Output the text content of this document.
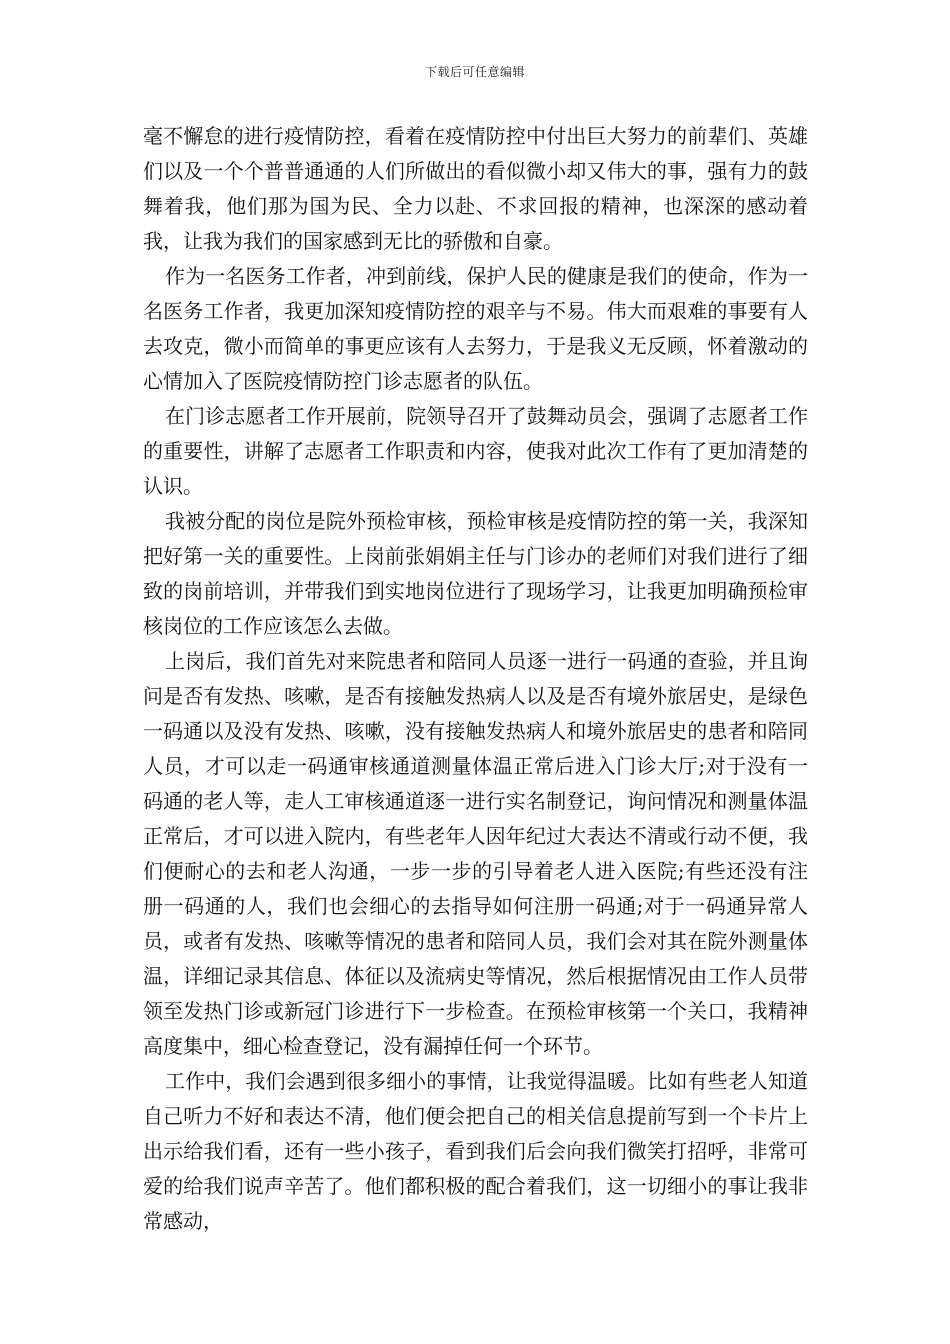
下载后可任意编辑

毫不懈怠的进行疫情防控，看着在疫情防控中付出巨大努力的前辈们、英雄们以及一个个普普通通的人们所做出的看似微小却又伟大的事，强有力的鼓舞着我，他们那为国为民、全力以赴、不求回报的精神，也深深的感动着我，让我为我们的国家感到无比的骄傲和自豪。

作为一名医务工作者，冲到前线，保护人民的健康是我们的使命，作为一名医务工作者，我更加深知疫情防控的艰辛与不易。伟大而艰难的事要有人去攻克，微小而简单的事更应该有人去努力，于是我义无反顾，怀着激动的心情加入了医院疫情防控门诊志愿者的队伍。

在门诊志愿者工作开展前，院领导召开了鼓舞动员会，强调了志愿者工作的重要性，讲解了志愿者工作职责和内容，使我对此次工作有了更加清楚的认识。

我被分配的岗位是院外预检审核，预检审核是疫情防控的第一关，我深知把好第一关的重要性。上岗前张娟娟主任与门诊办的老师们对我们进行了细致的岗前培训，并带我们到实地岗位进行了现场学习，让我更加明确预检审核岗位的工作应该怎么去做。

上岗后，我们首先对来院患者和陪同人员逐一进行一码通的查验，并且询问是否有发热、咳嗽，是否有接触发热病人以及是否有境外旅居史，是绿色一码通以及没有发热、咳嗽，没有接触发热病人和境外旅居史的患者和陪同人员，才可以走一码通审核通道测量体温正常后进入门诊大厅;对于没有一码通的老人等，走人工审核通道逐一进行实名制登记，询问情况和测量体温正常后，才可以进入院内，有些老年人因年纪过大表达不清或行动不便，我们便耐心的去和老人沟通，一步一步的引导着老人进入医院;有些还没有注册一码通的人，我们也会细心的去指导如何注册一码通;对于一码通异常人员，或者有发热、咳嗽等情况的患者和陪同人员，我们会对其在院外测量体温，详细记录其信息、体征以及流病史等情况，然后根据情况由工作人员带领至发热门诊或新冠门诊进行下一步检查。在预检审核第一个关口，我精神高度集中，细心检查登记，没有漏掉任何一个环节。

工作中，我们会遇到很多细小的事情，让我觉得温暖。比如有些老人知道自己听力不好和表达不清，他们便会把自己的相关信息提前写到一个卡片上出示给我们看，还有一些小孩子，看到我们后会向我们微笑打招呼，非常可爱的给我们说声辛苦了。他们都积极的配合着我们，这一切细小的事让我非常感动，
